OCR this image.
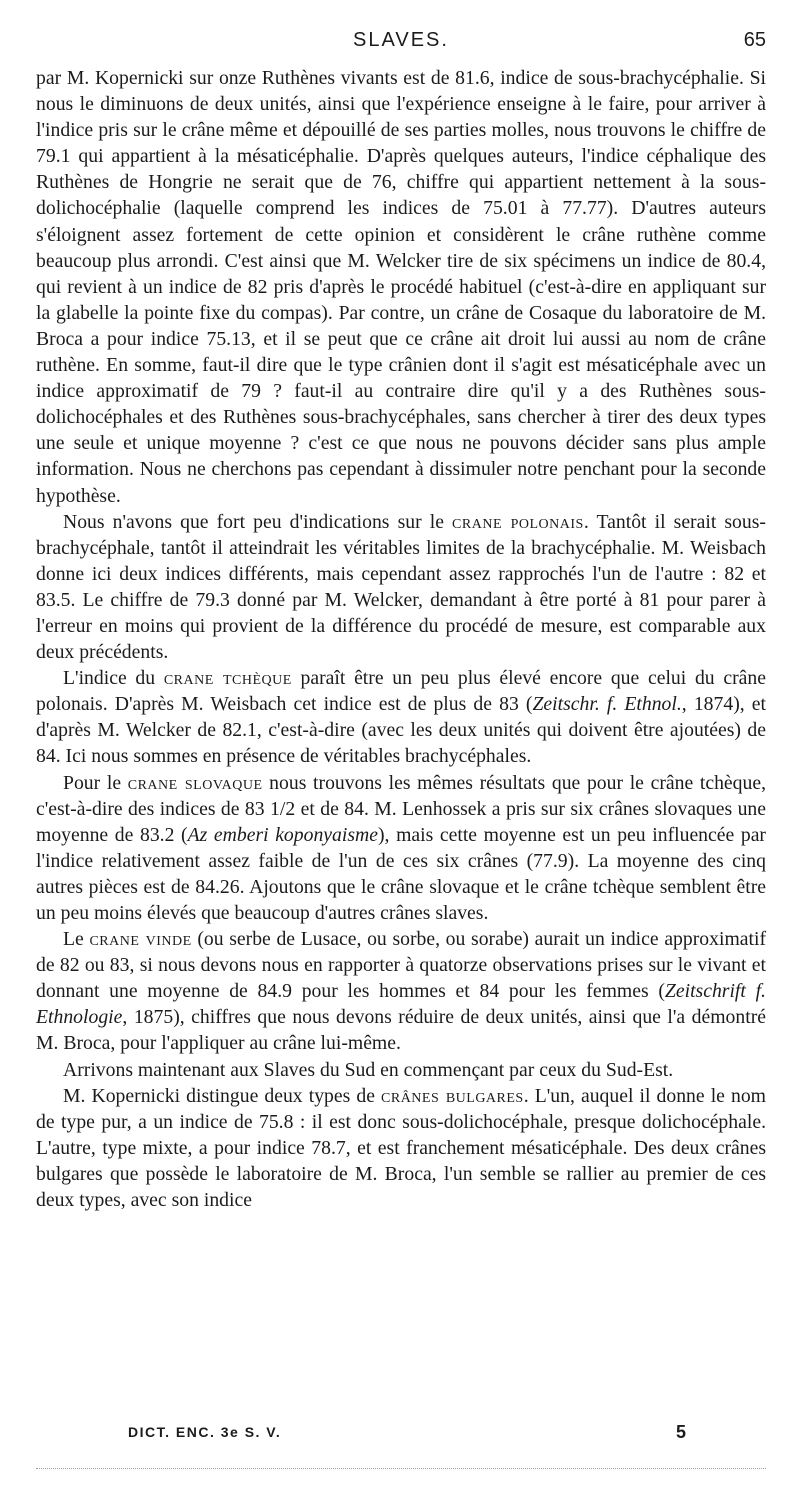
SLAVES.	65

par M. Kopernicki sur onze Ruthènes vivants est de 81.6, indice de sous-brachycéphalie. Si nous le diminuons de deux unités, ainsi que l'expérience enseigne à le faire, pour arriver à l'indice pris sur le crâne même et dépouillé de ses parties molles, nous trouvons le chiffre de 79.1 qui appartient à la mésaticéphalie. D'après quelques auteurs, l'indice céphalique des Ruthènes de Hongrie ne serait que de 76, chiffre qui appartient nettement à la sous-dolichocéphalie (laquelle comprend les indices de 75.01 à 77.77). D'autres auteurs s'éloignent assez fortement de cette opinion et considèrent le crâne ruthène comme beaucoup plus arrondi. C'est ainsi que M. Welcker tire de six spécimens un indice de 80.4, qui revient à un indice de 82 pris d'après le procédé habituel (c'est-à-dire en appliquant sur la glabelle la pointe fixe du compas). Par contre, un crâne de Cosaque du laboratoire de M. Broca a pour indice 75.13, et il se peut que ce crâne ait droit lui aussi au nom de crâne ruthène. En somme, faut-il dire que le type crânien dont il s'agit est mésaticéphale avec un indice approximatif de 79 ? faut-il au contraire dire qu'il y a des Ruthènes sous-dolichocéphales et des Ruthènes sous-brachycéphales, sans chercher à tirer des deux types une seule et unique moyenne ? c'est ce que nous ne pouvons décider sans plus ample information. Nous ne cherchons pas cependant à dissimuler notre penchant pour la seconde hypothèse.

Nous n'avons que fort peu d'indications sur le crane polonais. Tantôt il serait sous-brachycéphale, tantôt il atteindrait les véritables limites de la brachycéphalie. M. Weisbach donne ici deux indices différents, mais cependant assez rapprochés l'un de l'autre : 82 et 83.5. Le chiffre de 79.3 donné par M. Welcker, demandant à être porté à 81 pour parer à l'erreur en moins qui provient de la différence du procédé de mesure, est comparable aux deux précédents.

L'indice du crane tchèque paraît être un peu plus élevé encore que celui du crâne polonais. D'après M. Weisbach cet indice est de plus de 83 (Zeitschr. f. Ethnol., 1874), et d'après M. Welcker de 82.1, c'est-à-dire (avec les deux unités qui doivent être ajoutées) de 84. Ici nous sommes en présence de véritables brachycéphales.

Pour le crane slovaque nous trouvons les mêmes résultats que pour le crâne tchèque, c'est-à-dire des indices de 83 1/2 et de 84. M. Lenhossek a pris sur six crânes slovaques une moyenne de 83.2 (Az emberi koponyaisme), mais cette moyenne est un peu influencée par l'indice relativement assez faible de l'un de ces six crânes (77.9). La moyenne des cinq autres pièces est de 84.26. Ajoutons que le crâne slovaque et le crâne tchèque semblent être un peu moins élevés que beaucoup d'autres crânes slaves.

Le crane vinde (ou serbe de Lusace, ou sorbe, ou sorabe) aurait un indice approximatif de 82 ou 83, si nous devons nous en rapporter à quatorze observations prises sur le vivant et donnant une moyenne de 84.9 pour les hommes et 84 pour les femmes (Zeitschrift f. Ethnologie, 1875), chiffres que nous devons réduire de deux unités, ainsi que l'a démontré M. Broca, pour l'appliquer au crâne lui-même.

Arrivons maintenant aux Slaves du Sud en commençant par ceux du Sud-Est.

M. Kopernicki distingue deux types de crânes bulgares. L'un, auquel il donne le nom de type pur, a un indice de 75.8 : il est donc sous-dolichocéphale, presque dolichocéphale. L'autre, type mixte, a pour indice 78.7, et est franchement mésaticéphale. Des deux crânes bulgares que possède le laboratoire de M. Broca, l'un semble se rallier au premier de ces deux types, avec son indice

DICT. ENC. 3e S. V.	5
